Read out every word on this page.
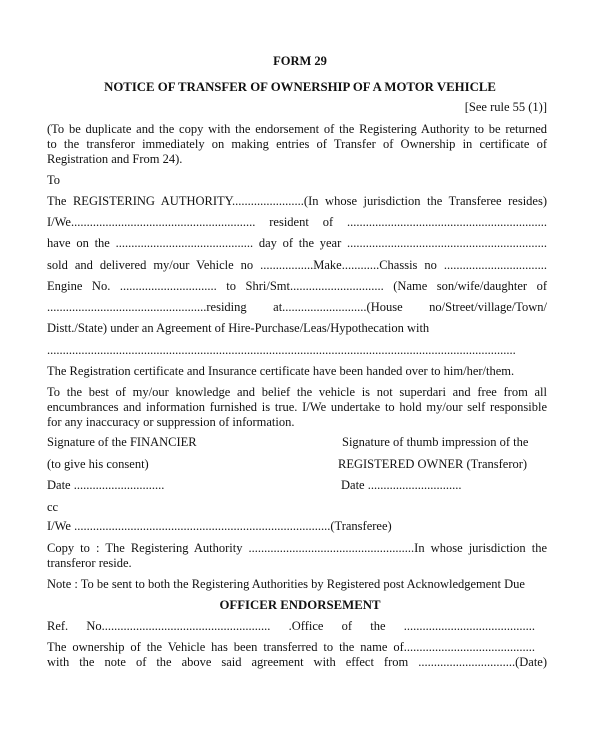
FORM 29
NOTICE OF TRANSFER OF OWNERSHIP OF A MOTOR VEHICLE
[See rule 55 (1)]
(To be duplicate and the copy with the endorsement of the Registering Authority to be returned
to the transferor immediately on making entries of Transfer of Ownership in certificate of
Registration and From 24).
To
The REGISTERING AUTHORITY.......................(In whose jurisdiction the Transferee resides)
I/We........................................................... resident of ................................................................
have on the ............................................ day of the year ................................................................
sold and delivered my/our Vehicle no .................Make............Chassis no .................................
Engine No. ............................... to Shri/Smt.............................. (Name son/wife/daughter of
...................................................residing at...........................(House no/Street/village/Town/
Distt./State) under an Agreement of Hire-Purchase/Leas/Hypothecation with
......................................................................................................................................................
The Registration certificate and Insurance certificate have been handed over to him/her/them.
To the best of my/our knowledge and belief the vehicle is not superdari and free from all
encumbrances and information furnished is true. I/We undertake to hold my/our self responsible
for any inaccuracy or suppression of information.
Signature of the FINANCIER	Signature of thumb impression of the
(to give his consent)	REGISTERED OWNER (Transferor)
Date .............................	Date ..............................
cc
I/We ..................................................................................(Transferee)
Copy to : The Registering Authority .....................................................In whose jurisdiction the
transferor reside.
Note : To be sent to both the Registering Authorities by Registered post Acknowledgement Due
OFFICER ENDORSEMENT
Ref. No...................................................... .Office of the ..........................................
The ownership of the Vehicle has been transferred to the name of..........................................
with the note of the above said agreement with effect from ...............................(Date)
